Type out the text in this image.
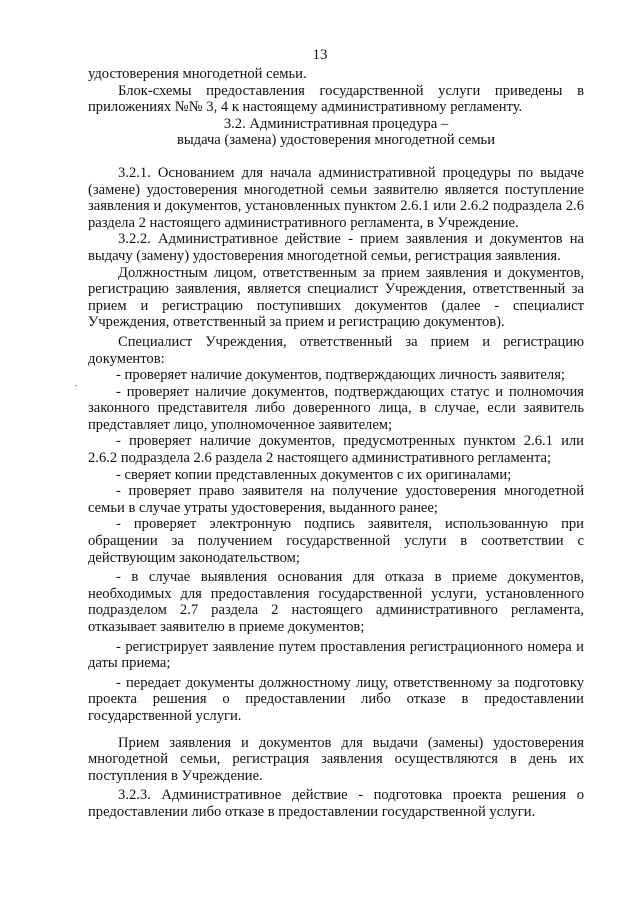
13

удостоверения многодетной семьи.

Блок-схемы предоставления государственной услуги приведены в приложениях №№ 3, 4 к настоящему административному регламенту.

3.2. Административная процедура –

выдача (замена) удостоверения многодетной семьи

3.2.1. Основанием для начала административной процедуры по выдаче (замене) удостоверения многодетной семьи заявителю является поступление заявления и документов, установленных пунктом 2.6.1 или 2.6.2 подраздела 2.6 раздела 2 настоящего административного регламента, в Учреждение.

3.2.2. Административное действие - прием заявления и документов на выдачу (замену) удостоверения многодетной семьи, регистрация заявления.

Должностным лицом, ответственным за прием заявления и документов, регистрацию заявления, является специалист Учреждения, ответственный за прием и регистрацию поступивших документов (далее - специалист Учреждения, ответственный за прием и регистрацию документов).

Специалист Учреждения, ответственный за прием и регистрацию документов:

- проверяет наличие документов, подтверждающих личность заявителя;

- проверяет наличие документов, подтверждающих статус и полномочия законного представителя либо доверенного лица, в случае, если заявитель представляет лицо, уполномоченное заявителем;

- проверяет наличие документов, предусмотренных пунктом 2.6.1 или 2.6.2 подраздела 2.6 раздела 2 настоящего административного регламента;

- сверяет копии представленных документов с их оригиналами;

- проверяет право заявителя на получение удостоверения многодетной семьи в случае утраты удостоверения, выданного ранее;

- проверяет электронную подпись заявителя, использованную при обращении за получением государственной услуги в соответствии с действующим законодательством;

- в случае выявления основания для отказа в приеме документов, необходимых для предоставления государственной услуги, установленного подразделом 2.7 раздела 2 настоящего административного регламента, отказывает заявителю в приеме документов;

- регистрирует заявление путем проставления регистрационного номера и даты приема;

- передает документы должностному лицу, ответственному за подготовку проекта решения о предоставлении либо отказе в предоставлении государственной услуги.

Прием заявления и документов для выдачи (замены) удостоверения многодетной семьи, регистрация заявления осуществляются в день их поступления в Учреждение.

3.2.3. Административное действие - подготовка проекта решения о предоставлении либо отказе в предоставлении государственной услуги.

·
